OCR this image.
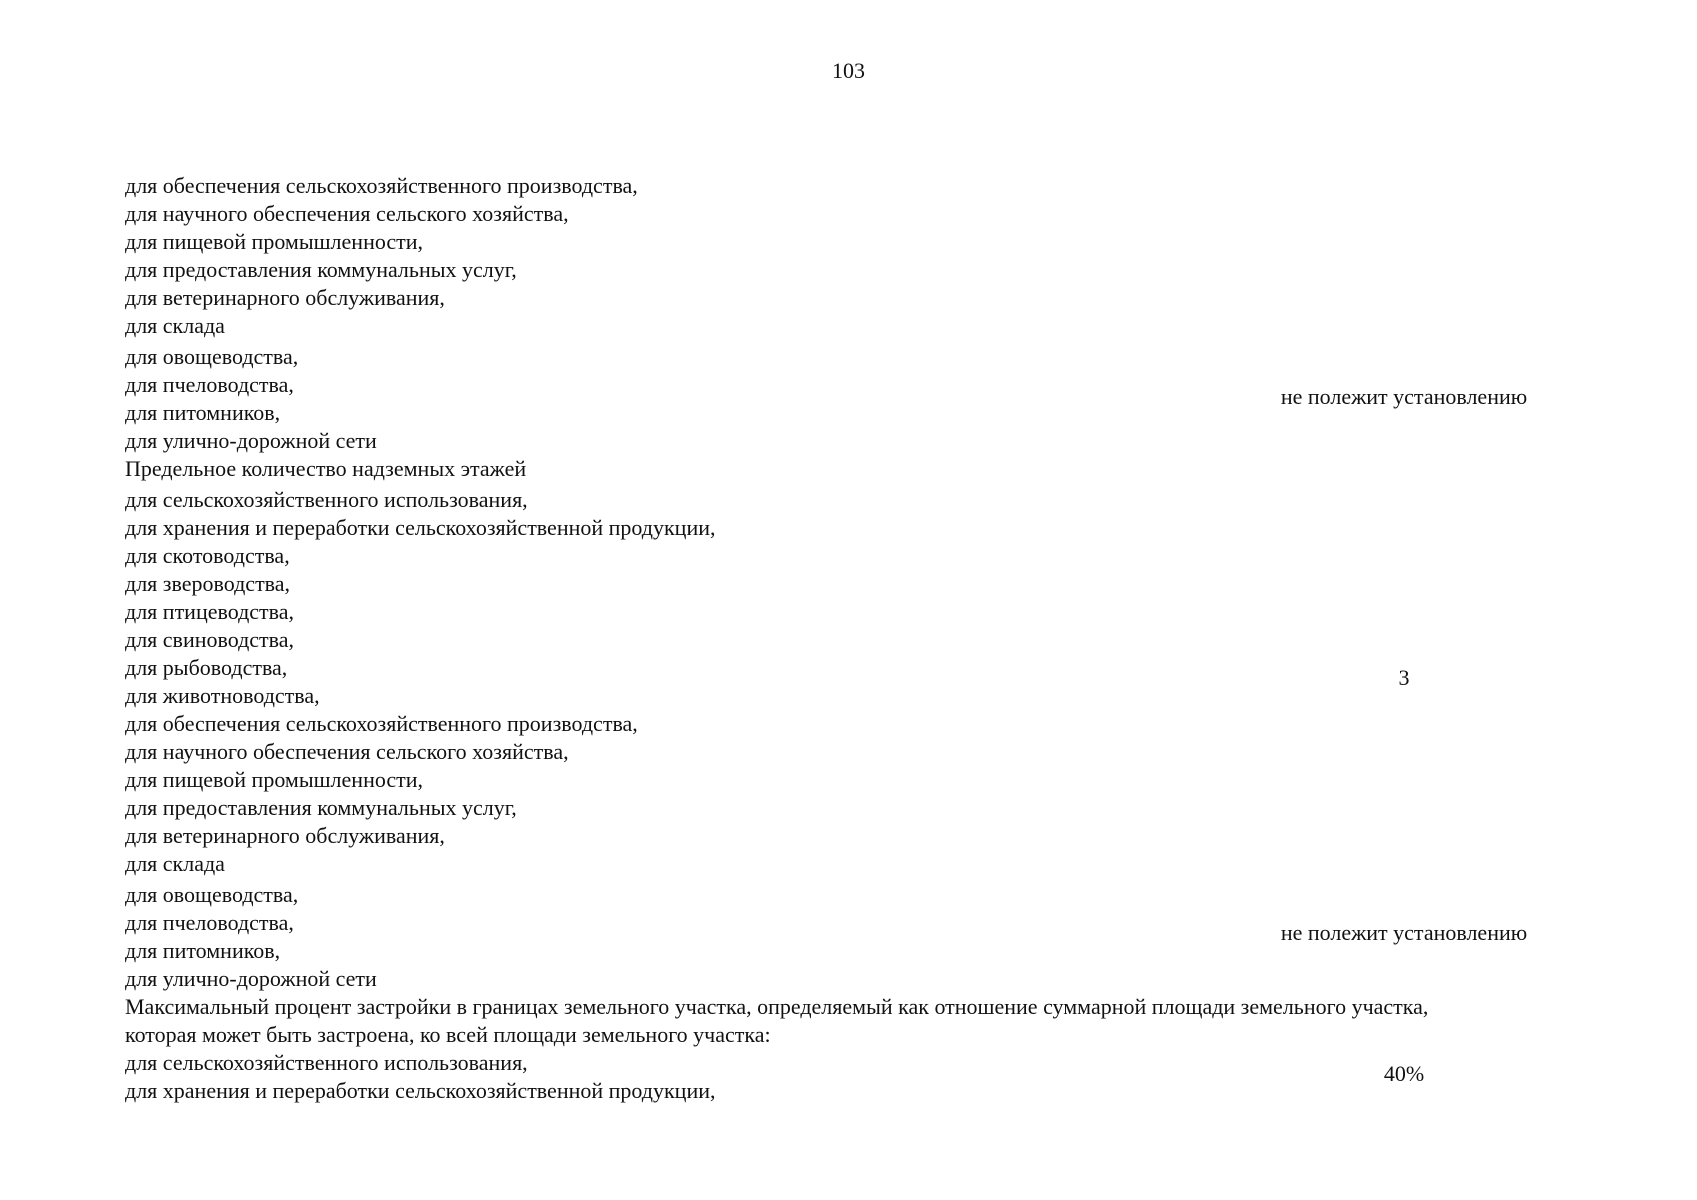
103
для обеспечения сельскохозяйственного производства,
для научного обеспечения сельского хозяйства,
для пищевой промышленности,
для предоставления коммунальных услуг,
для ветеринарного обслуживания,
для склада
для овощеводства,
для пчеловодства,
для питомников,
для улично-дорожной сети
Предельное количество надземных этажей
для сельскохозяйственного использования,
для хранения и переработки сельскохозяйственной продукции,
для скотоводства,
для звероводства,
для птицеводства,
для свиноводства,
для рыбоводства,
для животноводства,
для обеспечения сельскохозяйственного производства,
для научного обеспечения сельского хозяйства,
для пищевой промышленности,
для предоставления коммунальных услуг,
для ветеринарного обслуживания,
для склада
для овощеводства,
для пчеловодства,
для питомников,
для улично-дорожной сети
Максимальный процент застройки в границах земельного участка, определяемый как отношение суммарной площади земельного участка,
которая может быть застроена, ко всей площади земельного участка:
для сельскохозяйственного использования,
для хранения и переработки сельскохозяйственной продукции,
не полежит установлению
3
не полежит установлению
40%
